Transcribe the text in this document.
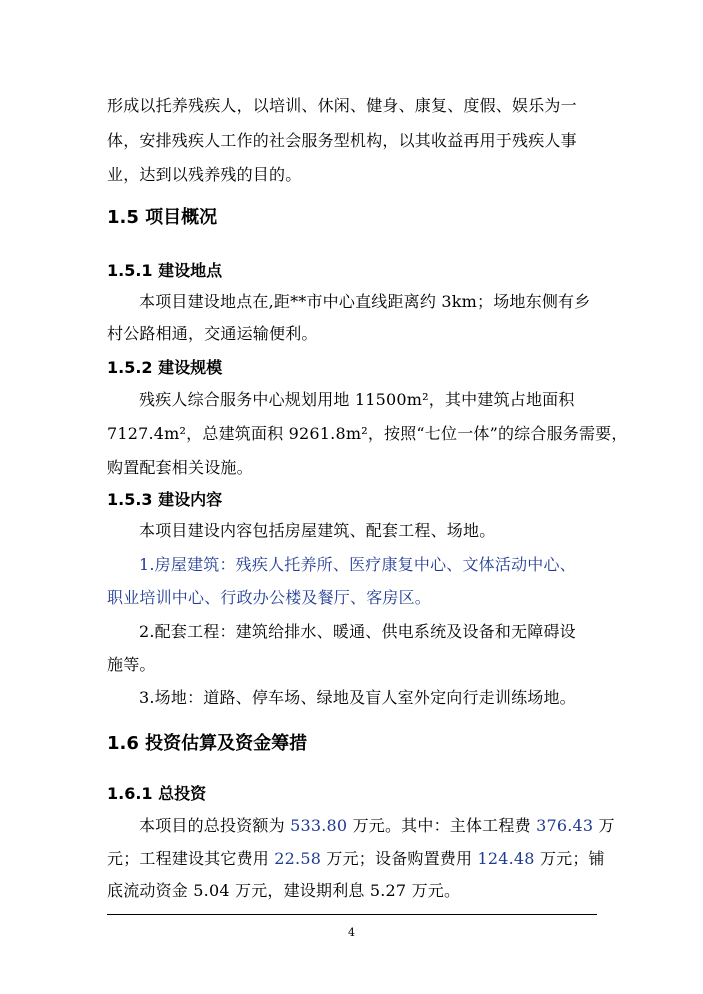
形成以托养残疾人，以培训、休闲、健身、康复、度假、娱乐为一
体，安排残疾人工作的社会服务型机构，以其收益再用于残疾人事
业，达到以残养残的目的。
1.5 项目概况
1.5.1 建设地点
本项目建设地点在,距**市中心直线距离约 3km；场地东侧有乡
村公路相通，交通运输便利。
1.5.2 建设规模
残疾人综合服务中心规划用地 11500m²，其中建筑占地面积
7127.4m²，总建筑面积 9261.8m²，按照“七位一体”的综合服务需要，
购置配套相关设施。
1.5.3 建设内容
本项目建设内容包括房屋建筑、配套工程、场地。
1.房屋建筑：残疾人托养所、医疗康复中心、文体活动中心、
职业培训中心、行政办公楼及餐厅、客房区。
2.配套工程：建筑给排水、暖通、供电系统及设备和无障碍设
施等。
3.场地：道路、停车场、绿地及盲人室外定向行走训练场地。
1.6 投资估算及资金筹措
1.6.1 总投资
本项目的总投资额为 533.80 万元。其中：主体工程费 376.43 万
元；工程建设其它费用 22.58 万元；设备购置费用 124.48 万元；铺
底流动资金 5.04 万元，建设期利息 5.27 万元。
4
